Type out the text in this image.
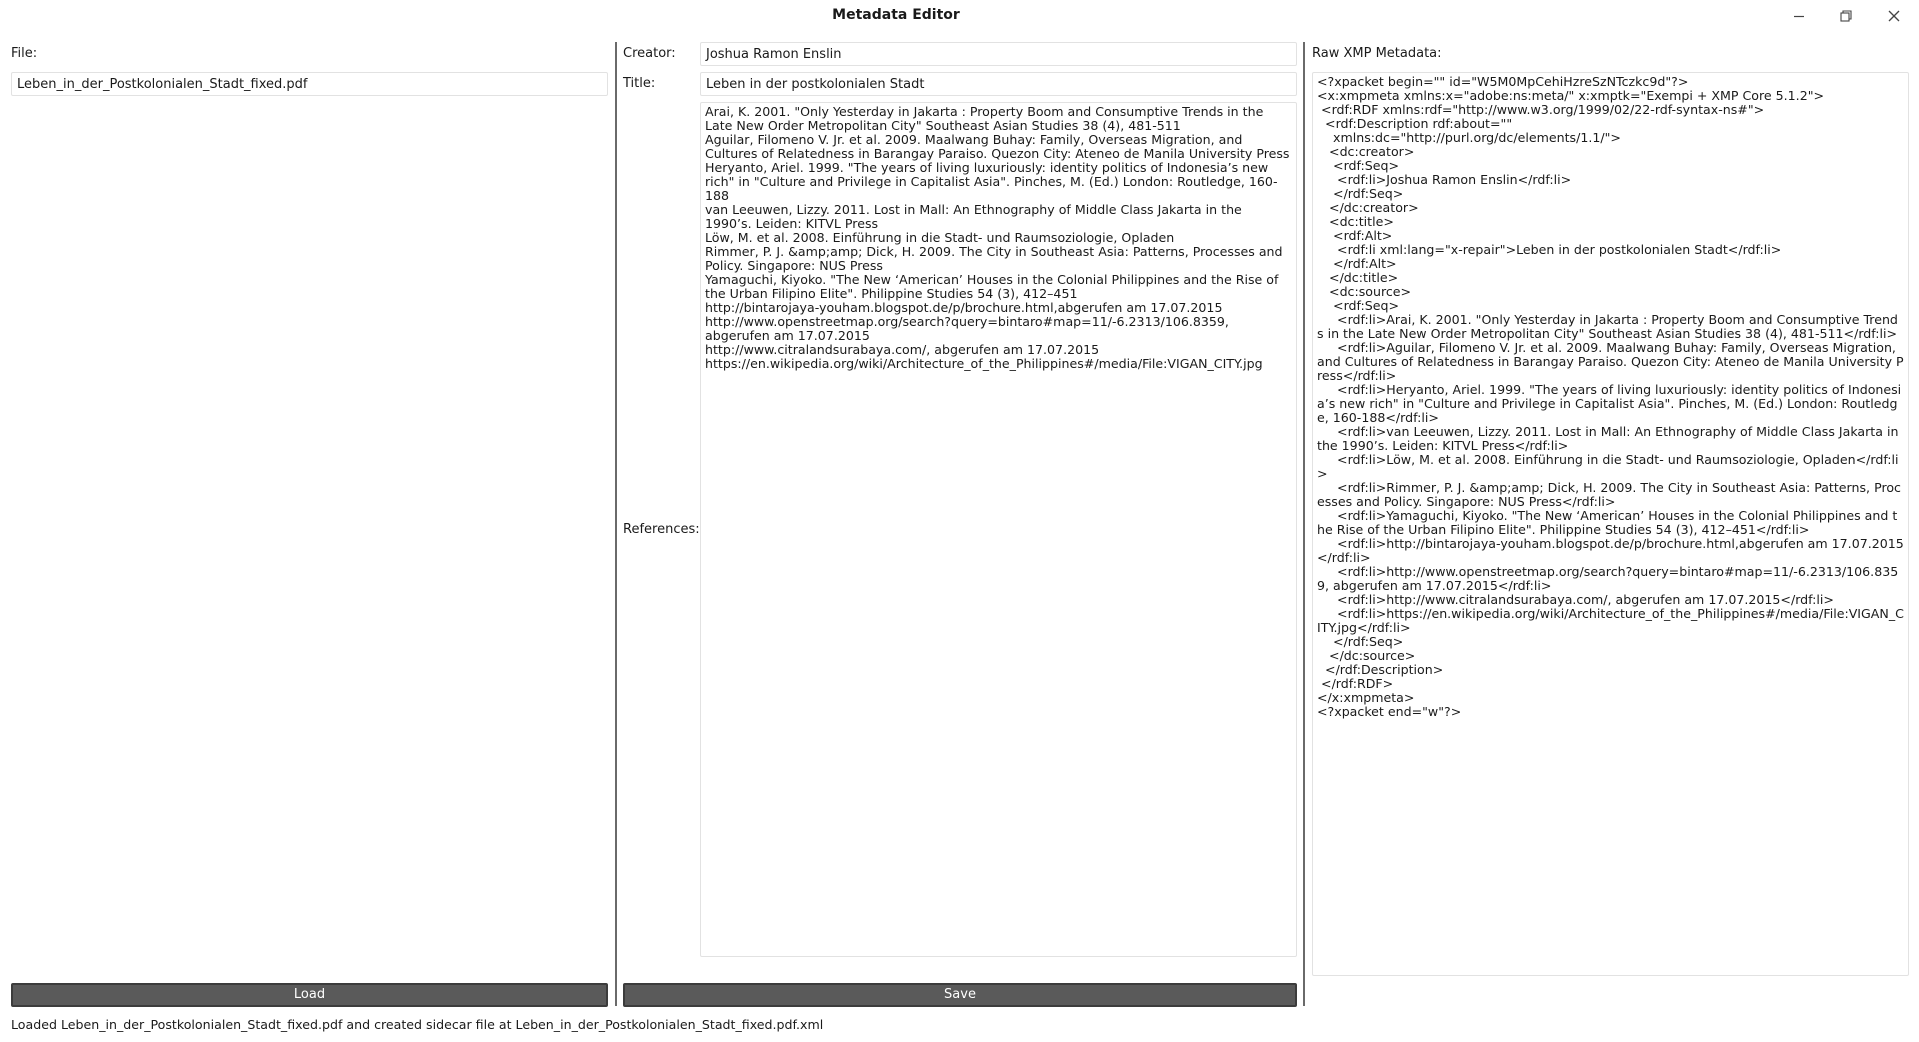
Metadata Editor
File:
Leben_in_der_Postkolonialen_Stadt_fixed.pdf
Load
Creator:	Joshua Ramon Enslin
Title:	Leben in der postkolonialen Stadt
References:
Arai, K. 2001. "Only Yesterday in Jakarta : Property Boom and Consumptive Trends in the Late New Order Metropolitan City" Southeast Asian Studies 38 (4), 481-511
Aguilar, Filomeno V. Jr. et al. 2009. Maalwang Buhay: Family, Overseas Migration, and Cultures of Relatedness in Barangay Paraiso. Quezon City: Ateneo de Manila University Press
Heryanto, Ariel. 1999. "The years of living luxuriously: identity politics of Indonesia’s new rich" in "Culture and Privilege in Capitalist Asia". Pinches, M. (Ed.) London: Routledge, 160-188
van Leeuwen, Lizzy. 2011. Lost in Mall: An Ethnography of Middle Class Jakarta in the 1990’s. Leiden: KITVL Press
Löw, M. et al. 2008. Einführung in die Stadt- und Raumsoziologie, Opladen
Rimmer, P. J. &amp;amp; Dick, H. 2009. The City in Southeast Asia: Patterns, Processes and Policy. Singapore: NUS Press
Yamaguchi, Kiyoko. "The New ‘American’ Houses in the Colonial Philippines and the Rise of the Urban Filipino Elite". Philippine Studies 54 (3), 412–451
http://bintarojaya-youham.blogspot.de/p/brochure.html,abgerufen am 17.07.2015
http://www.openstreetmap.org/search?query=bintaro#map=11/-6.2313/106.8359, abgerufen am 17.07.2015
http://www.citralandsurabaya.com/, abgerufen am 17.07.2015
https://en.wikipedia.org/wiki/Architecture_of_the_Philippines#/media/File:VIGAN_CITY.jpg
Save
Raw XMP Metadata:
<?xpacket begin="" id="W5M0MpCehiHzreSzNTczkc9d"?>
<x:xmpmeta xmlns:x="adobe:ns:meta/" x:xmptk="Exempi + XMP Core 5.1.2">
<rdf:RDF xmlns:rdf="http://www.w3.org/1999/02/22-rdf-syntax-ns#">
<rdf:Description rdf:about=""
xmlns:dc="http://purl.org/dc/elements/1.1/">
<dc:creator>
<rdf:Seq>
<rdf:li>Joshua Ramon Enslin</rdf:li>
</rdf:Seq>
</dc:creator>
<dc:title>
<rdf:Alt>
<rdf:li xml:lang="x-repair">Leben in der postkolonialen Stadt</rdf:li>
</rdf:Alt>
</dc:title>
<dc:source>
<rdf:Seq>
<rdf:li>Arai, K. 2001. "Only Yesterday in Jakarta : Property Boom and Consumptive Trends in the Late New Order Metropolitan City" Southeast Asian Studies 38 (4), 481-511</rdf:li>
<rdf:li>Aguilar, Filomeno V. Jr. et al. 2009. Maalwang Buhay: Family, Overseas Migration, and Cultures of Relatedness in Barangay Paraiso. Quezon City: Ateneo de Manila University Press</rdf:li>
<rdf:li>Heryanto, Ariel. 1999. "The years of living luxuriously: identity politics of Indonesia’s new rich" in "Culture and Privilege in Capitalist Asia". Pinches, M. (Ed.) London: Routledge, 160-188</rdf:li>
<rdf:li>van Leeuwen, Lizzy. 2011. Lost in Mall: An Ethnography of Middle Class Jakarta in the 1990’s. Leiden: KITVL Press</rdf:li>
<rdf:li>Löw, M. et al. 2008. Einführung in die Stadt- und Raumsoziologie, Opladen</rdf:li>
<rdf:li>Rimmer, P. J. &amp;amp; Dick, H. 2009. The City in Southeast Asia: Patterns, Processes and Policy. Singapore: NUS Press</rdf:li>
<rdf:li>Yamaguchi, Kiyoko. "The New ‘American’ Houses in the Colonial Philippines and the Rise of the Urban Filipino Elite". Philippine Studies 54 (3), 412–451</rdf:li>
<rdf:li>http://bintarojaya-youham.blogspot.de/p/brochure.html,abgerufen am 17.07.2015</rdf:li>
<rdf:li>http://www.openstreetmap.org/search?query=bintaro#map=11/-6.2313/106.8359, abgerufen am 17.07.2015</rdf:li>
<rdf:li>http://www.citralandsurabaya.com/, abgerufen am 17.07.2015</rdf:li>
<rdf:li>https://en.wikipedia.org/wiki/Architecture_of_the_Philippines#/media/File:VIGAN_CITY.jpg</rdf:li>
</rdf:Seq>
</dc:source>
</rdf:Description>
</rdf:RDF>
</x:xmpmeta>
<?xpacket end="w"?>
Loaded Leben_in_der_Postkolonialen_Stadt_fixed.pdf and created sidecar file at Leben_in_der_Postkolonialen_Stadt_fixed.pdf.xml
